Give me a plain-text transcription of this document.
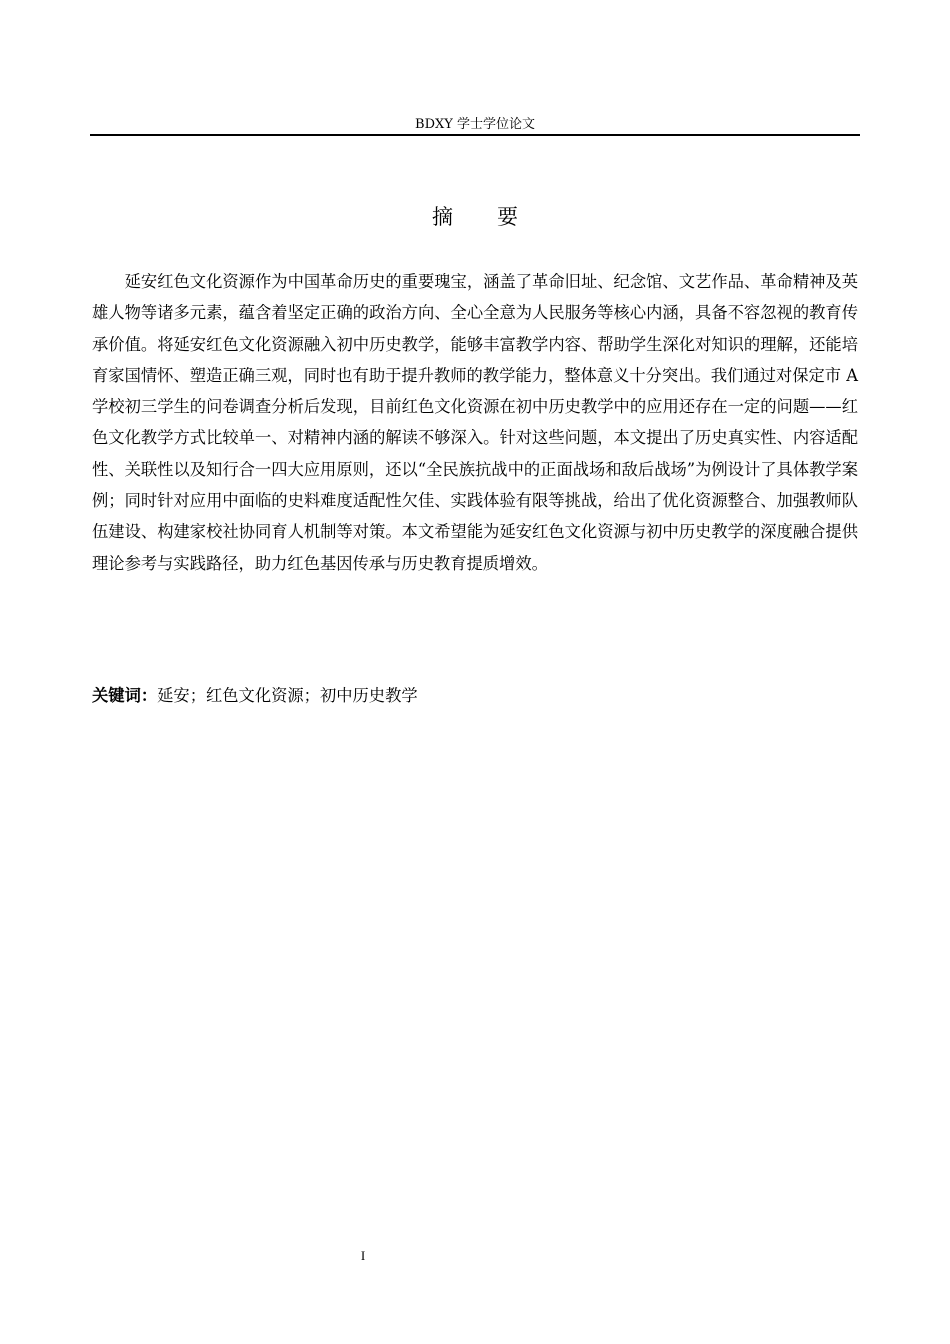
BDXY 学士学位论文
摘要

延安红色文化资源作为中国革命历史的重要瑰宝，涵盖了革命旧址、纪念馆、文艺作品、革命精神及英雄人物等诸多元素，蕴含着坚定正确的政治方向、全心全意为人民服务等核心内涵，具备不容忽视的教育传承价值。将延安红色文化资源融入初中历史教学，能够丰富教学内容、帮助学生深化对知识的理解，还能培育家国情怀、塑造正确三观，同时也有助于提升教师的教学能力，整体意义十分突出。我们通过对保定市 A 学校初三学生的问卷调查分析后发现，目前红色文化资源在初中历史教学中的应用还存在一定的问题——红色文化教学方式比较单一、对精神内涵的解读不够深入。针对这些问题，本文提出了历史真实性、内容适配性、关联性以及知行合一四大应用原则，还以“全民族抗战中的正面战场和敌后战场”为例设计了具体教学案例；同时针对应用中面临的史料难度适配性欠佳、实践体验有限等挑战，给出了优化资源整合、加强教师队伍建设、构建家校社协同育人机制等对策。本文希望能为延安红色文化资源与初中历史教学的深度融合提供理论参考与实践路径，助力红色基因传承与历史教育提质增效。

关键词：延安；红色文化资源；初中历史教学

I
